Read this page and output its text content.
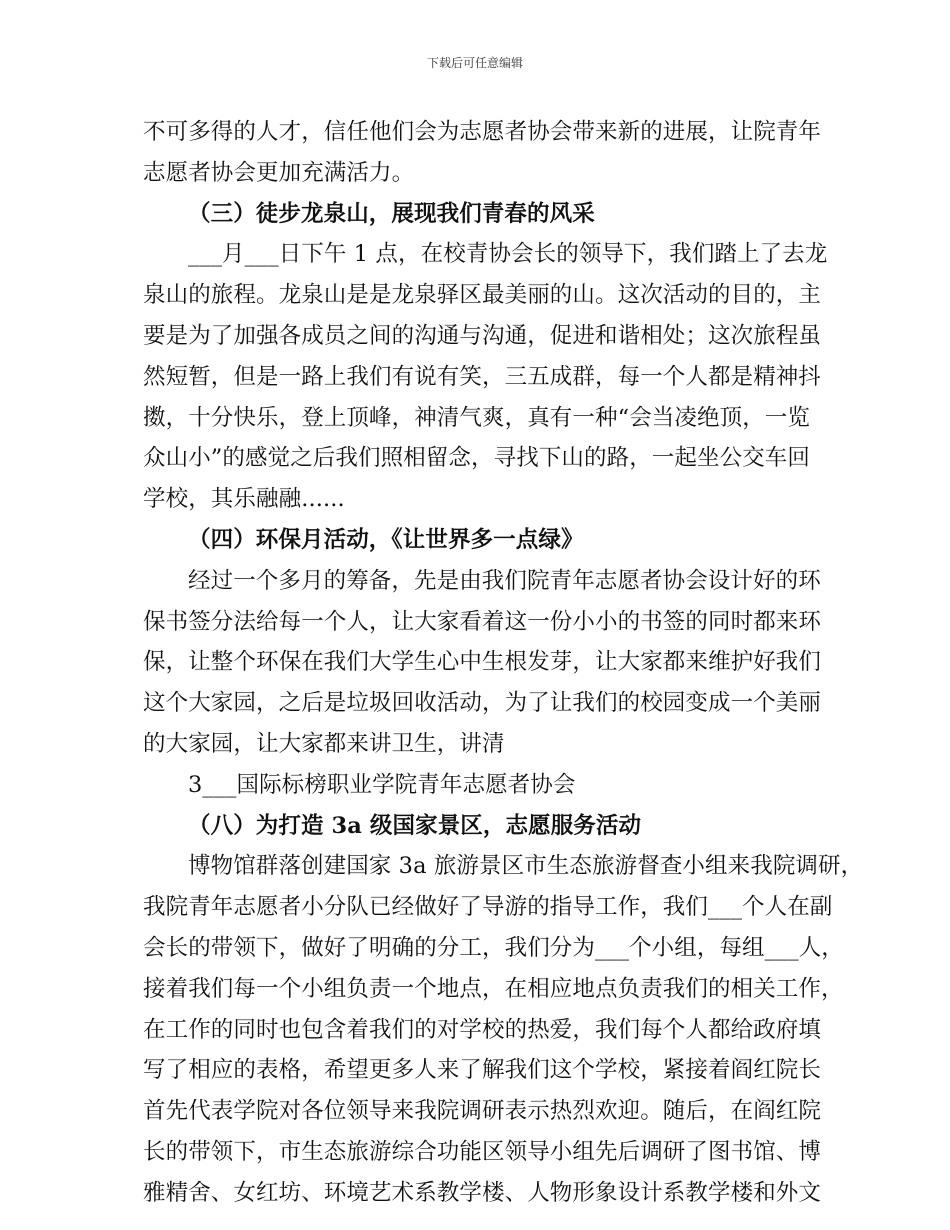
下载后可任意编辑
不可多得的人才，信任他们会为志愿者协会带来新的进展，让院青年
志愿者协会更加充满活力。
（三）徒步龙泉山，展现我们青春的风采
___月___日下午 1 点，在校青协会长的领导下，我们踏上了去龙
泉山的旅程。龙泉山是是龙泉驿区最美丽的山。这次活动的目的，主
要是为了加强各成员之间的沟通与沟通，促进和谐相处；这次旅程虽
然短暂，但是一路上我们有说有笑，三五成群，每一个人都是精神抖
擞，十分快乐，登上顶峰，神清气爽，真有一种“会当凌绝顶，一览
众山小”的感觉之后我们照相留念，寻找下山的路，一起坐公交车回
学校，其乐融融......
（四）环保月活动，《让世界多一点绿》
经过一个多月的筹备，先是由我们院青年志愿者协会设计好的环
保书签分法给每一个人，让大家看着这一份小小的书签的同时都来环
保，让整个环保在我们大学生心中生根发芽，让大家都来维护好我们
这个大家园，之后是垃圾回收活动，为了让我们的校园变成一个美丽
的大家园，让大家都来讲卫生，讲清
3___国际标榜职业学院青年志愿者协会
（八）为打造 3a 级国家景区，志愿服务活动
博物馆群落创建国家 3a 旅游景区市生态旅游督查小组来我院调研，
我院青年志愿者小分队已经做好了导游的指导工作，我们___个人在副
会长的带领下，做好了明确的分工，我们分为___个小组，每组___人，
接着我们每一个小组负责一个地点，在相应地点负责我们的相关工作，
在工作的同时也包含着我们的对学校的热爱，我们每个人都给政府填
写了相应的表格，希望更多人来了解我们这个学校，紧接着阎红院长
首先代表学院对各位领导来我院调研表示热烈欢迎。随后，在阎红院
长的带领下，市生态旅游综合功能区领导小组先后调研了图书馆、博
雅精舍、女红坊、环境艺术系教学楼、人物形象设计系教学楼和外文
